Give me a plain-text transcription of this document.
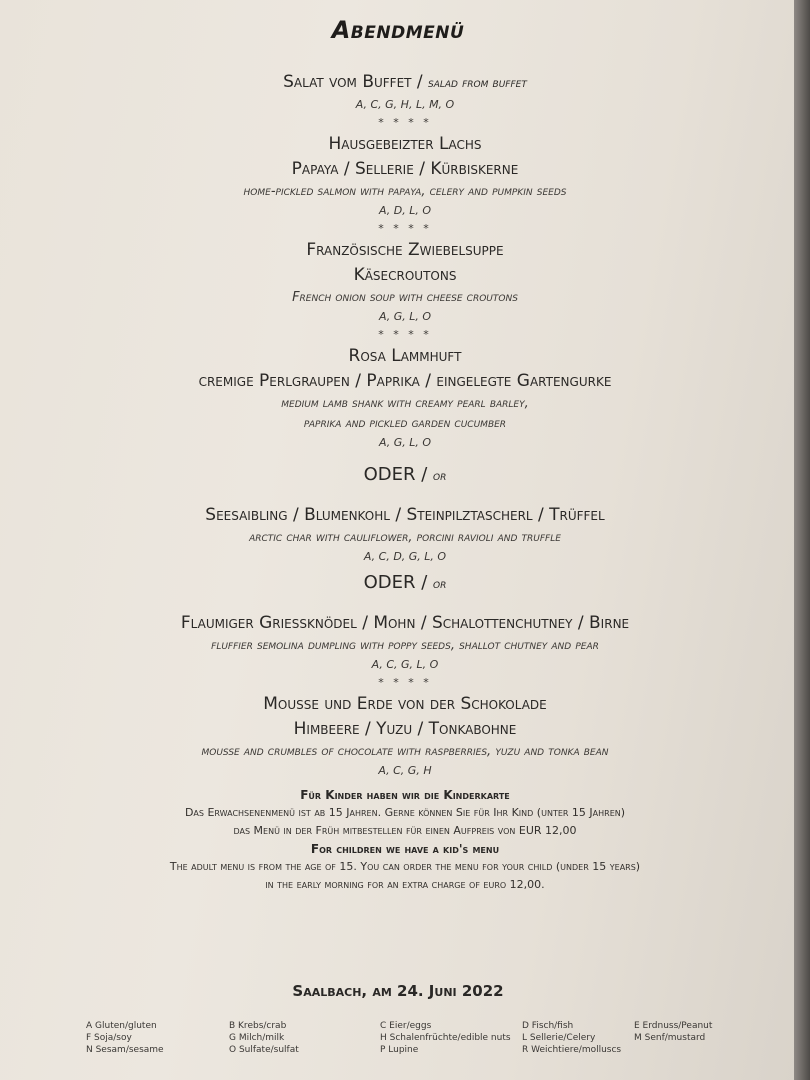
Abendmenü
Salat vom Buffet / salad from buffet
A, C, G, H, L, M, O
* * * *
Hausgebeizter Lachs
Papaya / Sellerie / Kürbiskerne
home-pickled salmon with papaya, celery and pumpkin seeds
A, D, L, O
* * * *
Französische Zwiebelsuppe
Käsecroutons
French onion soup with cheese croutons
A, G, L, O
* * * *
Rosa Lammhuft
cremige Perlgraupen / Paprika / eingelegte Gartengurke
medium lamb shank with creamy pearl barley,
paprika and pickled garden cucumber
A, G, L, O
ODER / or
Seesaibling / Blumenkohl / Steinpilztascherl / Trüffel
arctic char with cauliflower, porcini ravioli and truffle
A, C, D, G, L, O
ODER / or
Flaumiger Grießknödel / Mohn / Schalottenchutney / Birne
fluffier semolina dumpling with poppy seeds, shallot chutney and pear
A, C, G, L, O
* * * *
Mousse und Erde von der Schokolade
Himbeere / Yuzu / Tonkabohne
mousse and crumbles of chocolate with raspberries, yuzu and tonka bean
A, C, G, H
Für Kinder haben wir die Kinderkarte
Das Erwachsenenmenü ist ab 15 Jahren. Gerne können Sie für Ihr Kind (unter 15 Jahren)
das Menü in der Früh mitbestellen für einen Aufpreis von EUR 12,00
For children we have a kid's menu
The adult menu is from the age of 15. You can order the menu for your child (under 15 years)
in the early morning for an extra charge of euro 12,00.
Saalbach, am 24. Juni 2022
A Gluten/gluten
F Soja/soy
N Sesam/sesame
B Krebs/crab
G Milch/milk
O Sulfate/sulfat
C Eier/eggs
H Schalenfrüchte/edible nuts
P Lupine
D Fisch/fish
L Sellerie/Celery
R Weichtiere/molluscs
E Erdnuss/Peanut
M Senf/mustard
